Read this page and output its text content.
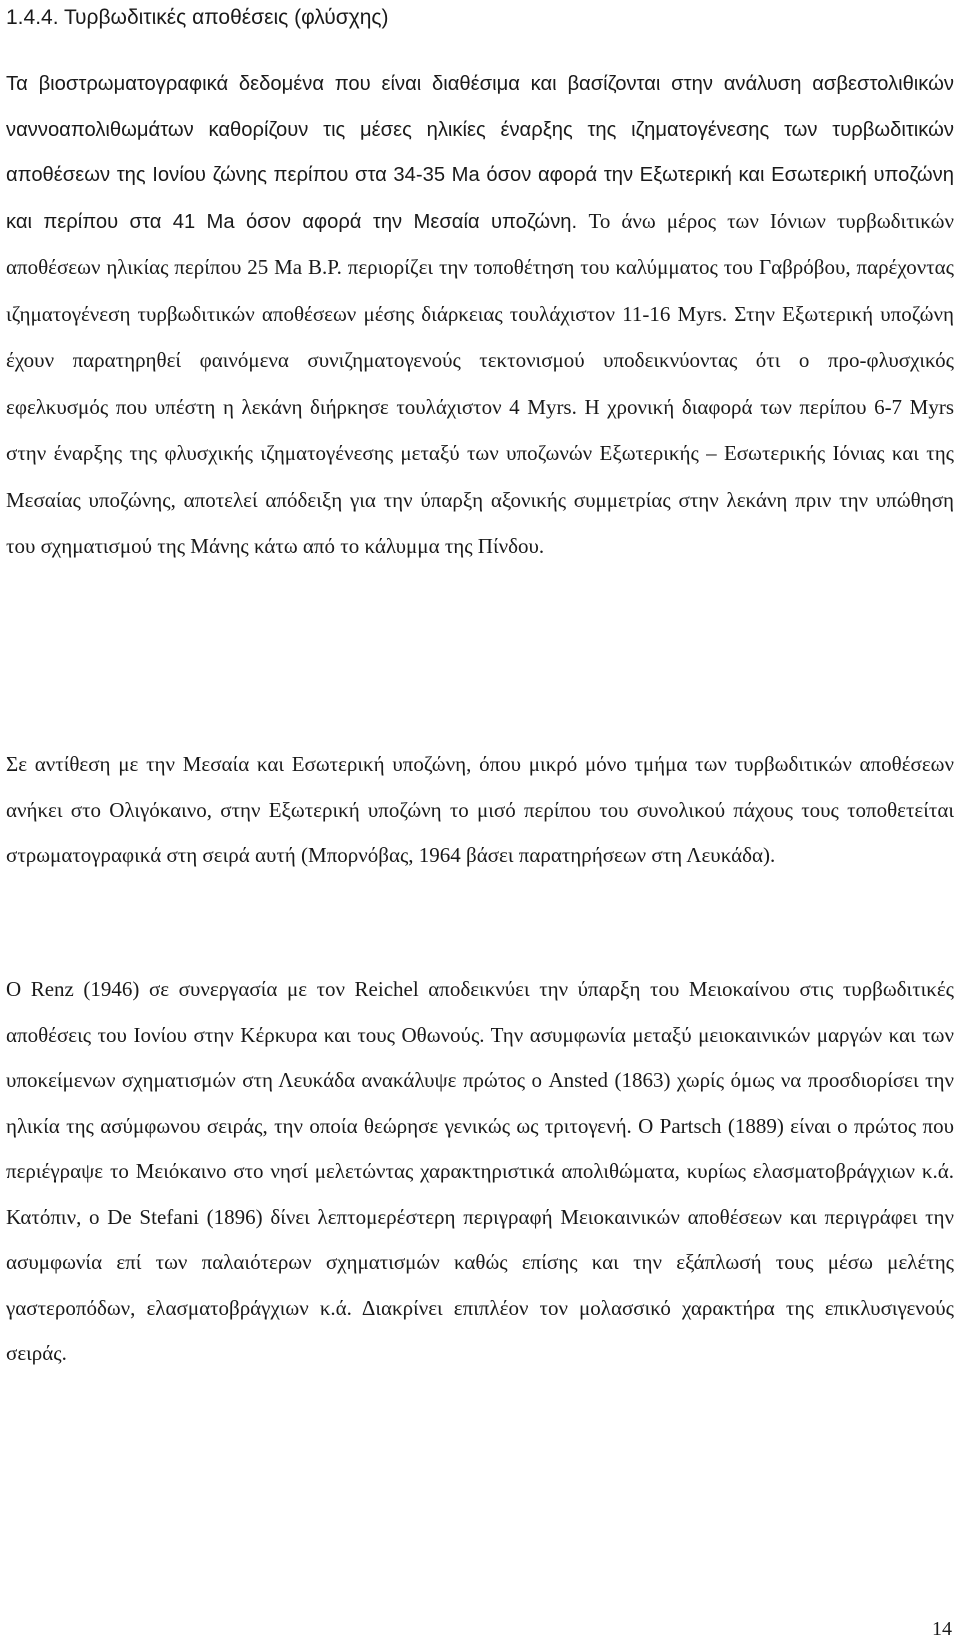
1.4.4. Τυρβωδιτικές αποθέσεις (φλύσχης)

Τα βιοστρωματογραφικά δεδομένα που είναι διαθέσιμα και βασίζονται στην ανάλυση ασβεστολιθικών ναννοαπολιθωμάτων καθορίζουν τις μέσες ηλικίες έναρξης της ιζηματογένεσης των τυρβωδιτικών αποθέσεων της Ιονίου ζώνης περίπου στα 34-35 Ma όσον αφορά την Εξωτερική και Εσωτερική υποζώνη και περίπου στα 41 Ma όσον αφορά την Μεσαία υποζώνη. Το άνω μέρος των Ιόνιων τυρβωδιτικών αποθέσεων ηλικίας περίπου 25 Ma B.P. περιορίζει την τοποθέτηση του καλύμματος του Γαβρόβου, παρέχοντας ιζηματογένεση τυρβωδιτικών αποθέσεων μέσης διάρκειας τουλάχιστον 11-16 Myrs. Στην Εξωτερική υποζώνη έχουν παρατηρηθεί φαινόμενα συνιζηματογενούς τεκτονισμού υποδεικνύοντας ότι ο προ-φλυσχικός εφελκυσμός που υπέστη η λεκάνη διήρκησε τουλάχιστον 4 Myrs. Η χρονική διαφορά των περίπου 6-7 Myrs στην έναρξης της φλυσχικής ιζηματογένεσης μεταξύ των υποζωνών Εξωτερικής – Εσωτερικής Ιόνιας και της Μεσαίας υποζώνης, αποτελεί απόδειξη για την ύπαρξη αξονικής συμμετρίας στην λεκάνη πριν την υπώθηση του σχηματισμού της Μάνης κάτω από το κάλυμμα της Πίνδου.

Σε αντίθεση με την Μεσαία και Εσωτερική υποζώνη, όπου μικρό μόνο τμήμα των τυρβωδιτικών αποθέσεων ανήκει στο Ολιγόκαινο, στην Εξωτερική υποζώνη το μισό περίπου του συνολικού πάχους τους τοποθετείται στρωματογραφικά στη σειρά αυτή (Μπορνόβας, 1964 βάσει παρατηρήσεων στη Λευκάδα).

O Renz (1946) σε συνεργασία με τον Reichel αποδεικνύει την ύπαρξη του Μειοκαίνου στις τυρβωδιτικές αποθέσεις του Ιονίου στην Κέρκυρα και τους Οθωνούς. Την ασυμφωνία μεταξύ μειοκαινικών μαργών και των υποκείμενων σχηματισμών στη Λευκάδα ανακάλυψε πρώτος ο Ansted (1863) χωρίς όμως να προσδιορίσει την ηλικία της ασύμφωνου σειράς, την οποία θεώρησε γενικώς ως τριτογενή. Ο Partsch (1889) είναι ο πρώτος που περιέγραψε το Μειόκαινο στο νησί μελετώντας χαρακτηριστικά απολιθώματα, κυρίως ελασματοβράγχιων κ.ά. Κατόπιν, ο De Stefani (1896) δίνει λεπτομερέστερη περιγραφή Μειοκαινικών αποθέσεων και περιγράφει την ασυμφωνία επί των παλαιότερων σχηματισμών καθώς επίσης και την εξάπλωσή τους μέσω μελέτης γαστεροπόδων, ελασματοβράγχιων κ.ά. Διακρίνει επιπλέον τον μολασσικό χαρακτήρα της επικλυσιγενούς σειράς.

14
